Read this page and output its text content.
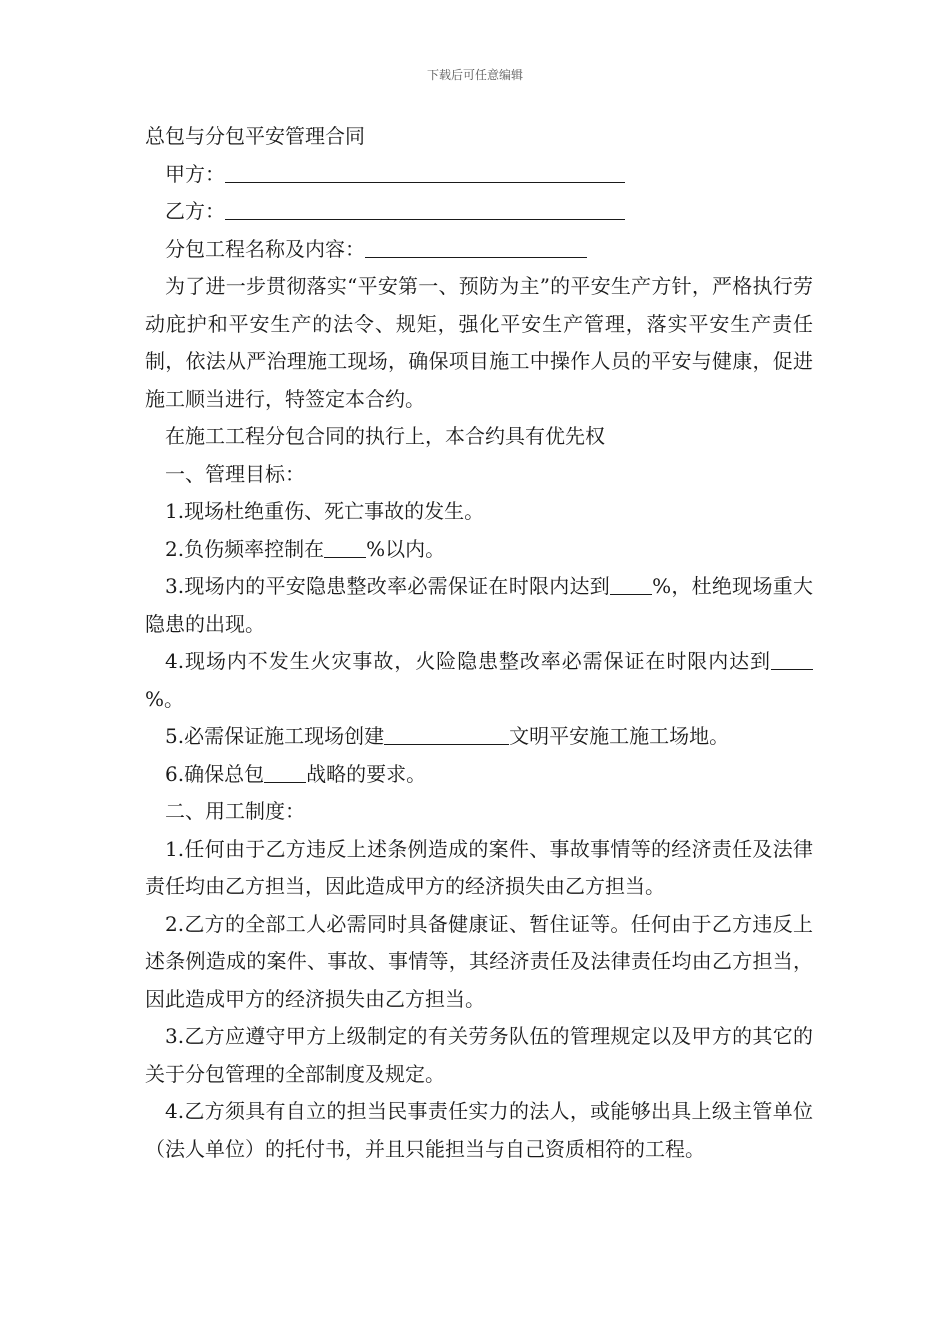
下载后可任意编辑

总包与分包平安管理合同

甲方：

乙方：

分包工程名称及内容：

为了进一步贯彻落实“平安第一、预防为主”的平安生产方针，严格执行劳动庇护和平安生产的法令、规矩，强化平安生产管理，落实平安生产责任制，依法从严治理施工现场，确保项目施工中操作人员的平安与健康，促进施工顺当进行，特签定本合约。

在施工工程分包合同的执行上，本合约具有优先权

一、管理目标：

1.现场杜绝重伤、死亡事故的发生。

2.负伤频率控制在 %以内。

3.现场内的平安隐患整改率必需保证在时限内达到 %，杜绝现场重大隐患的出现。

4.现场内不发生火灾事故，火险隐患整改率必需保证在时限内达到%。

5.必需保证施工现场创建	文明平安施工施工场地。

6.确保总包 战略的要求。

二、用工制度：

1.任何由于乙方违反上述条例造成的案件、事故事情等的经济责任及法律责任均由乙方担当，因此造成甲方的经济损失由乙方担当。

2.乙方的全部工人必需同时具备健康证、暂住证等。任何由于乙方违反上述条例造成的案件、事故、事情等，其经济责任及法律责任均由乙方担当，因此造成甲方的经济损失由乙方担当。

3.乙方应遵守甲方上级制定的有关劳务队伍的管理规定以及甲方的其它的关于分包管理的全部制度及规定。

4.乙方须具有自立的担当民事责任实力的法人，或能够出具上级主管单位（法人单位）的托付书，并且只能担当与自己资质相符的工程。
